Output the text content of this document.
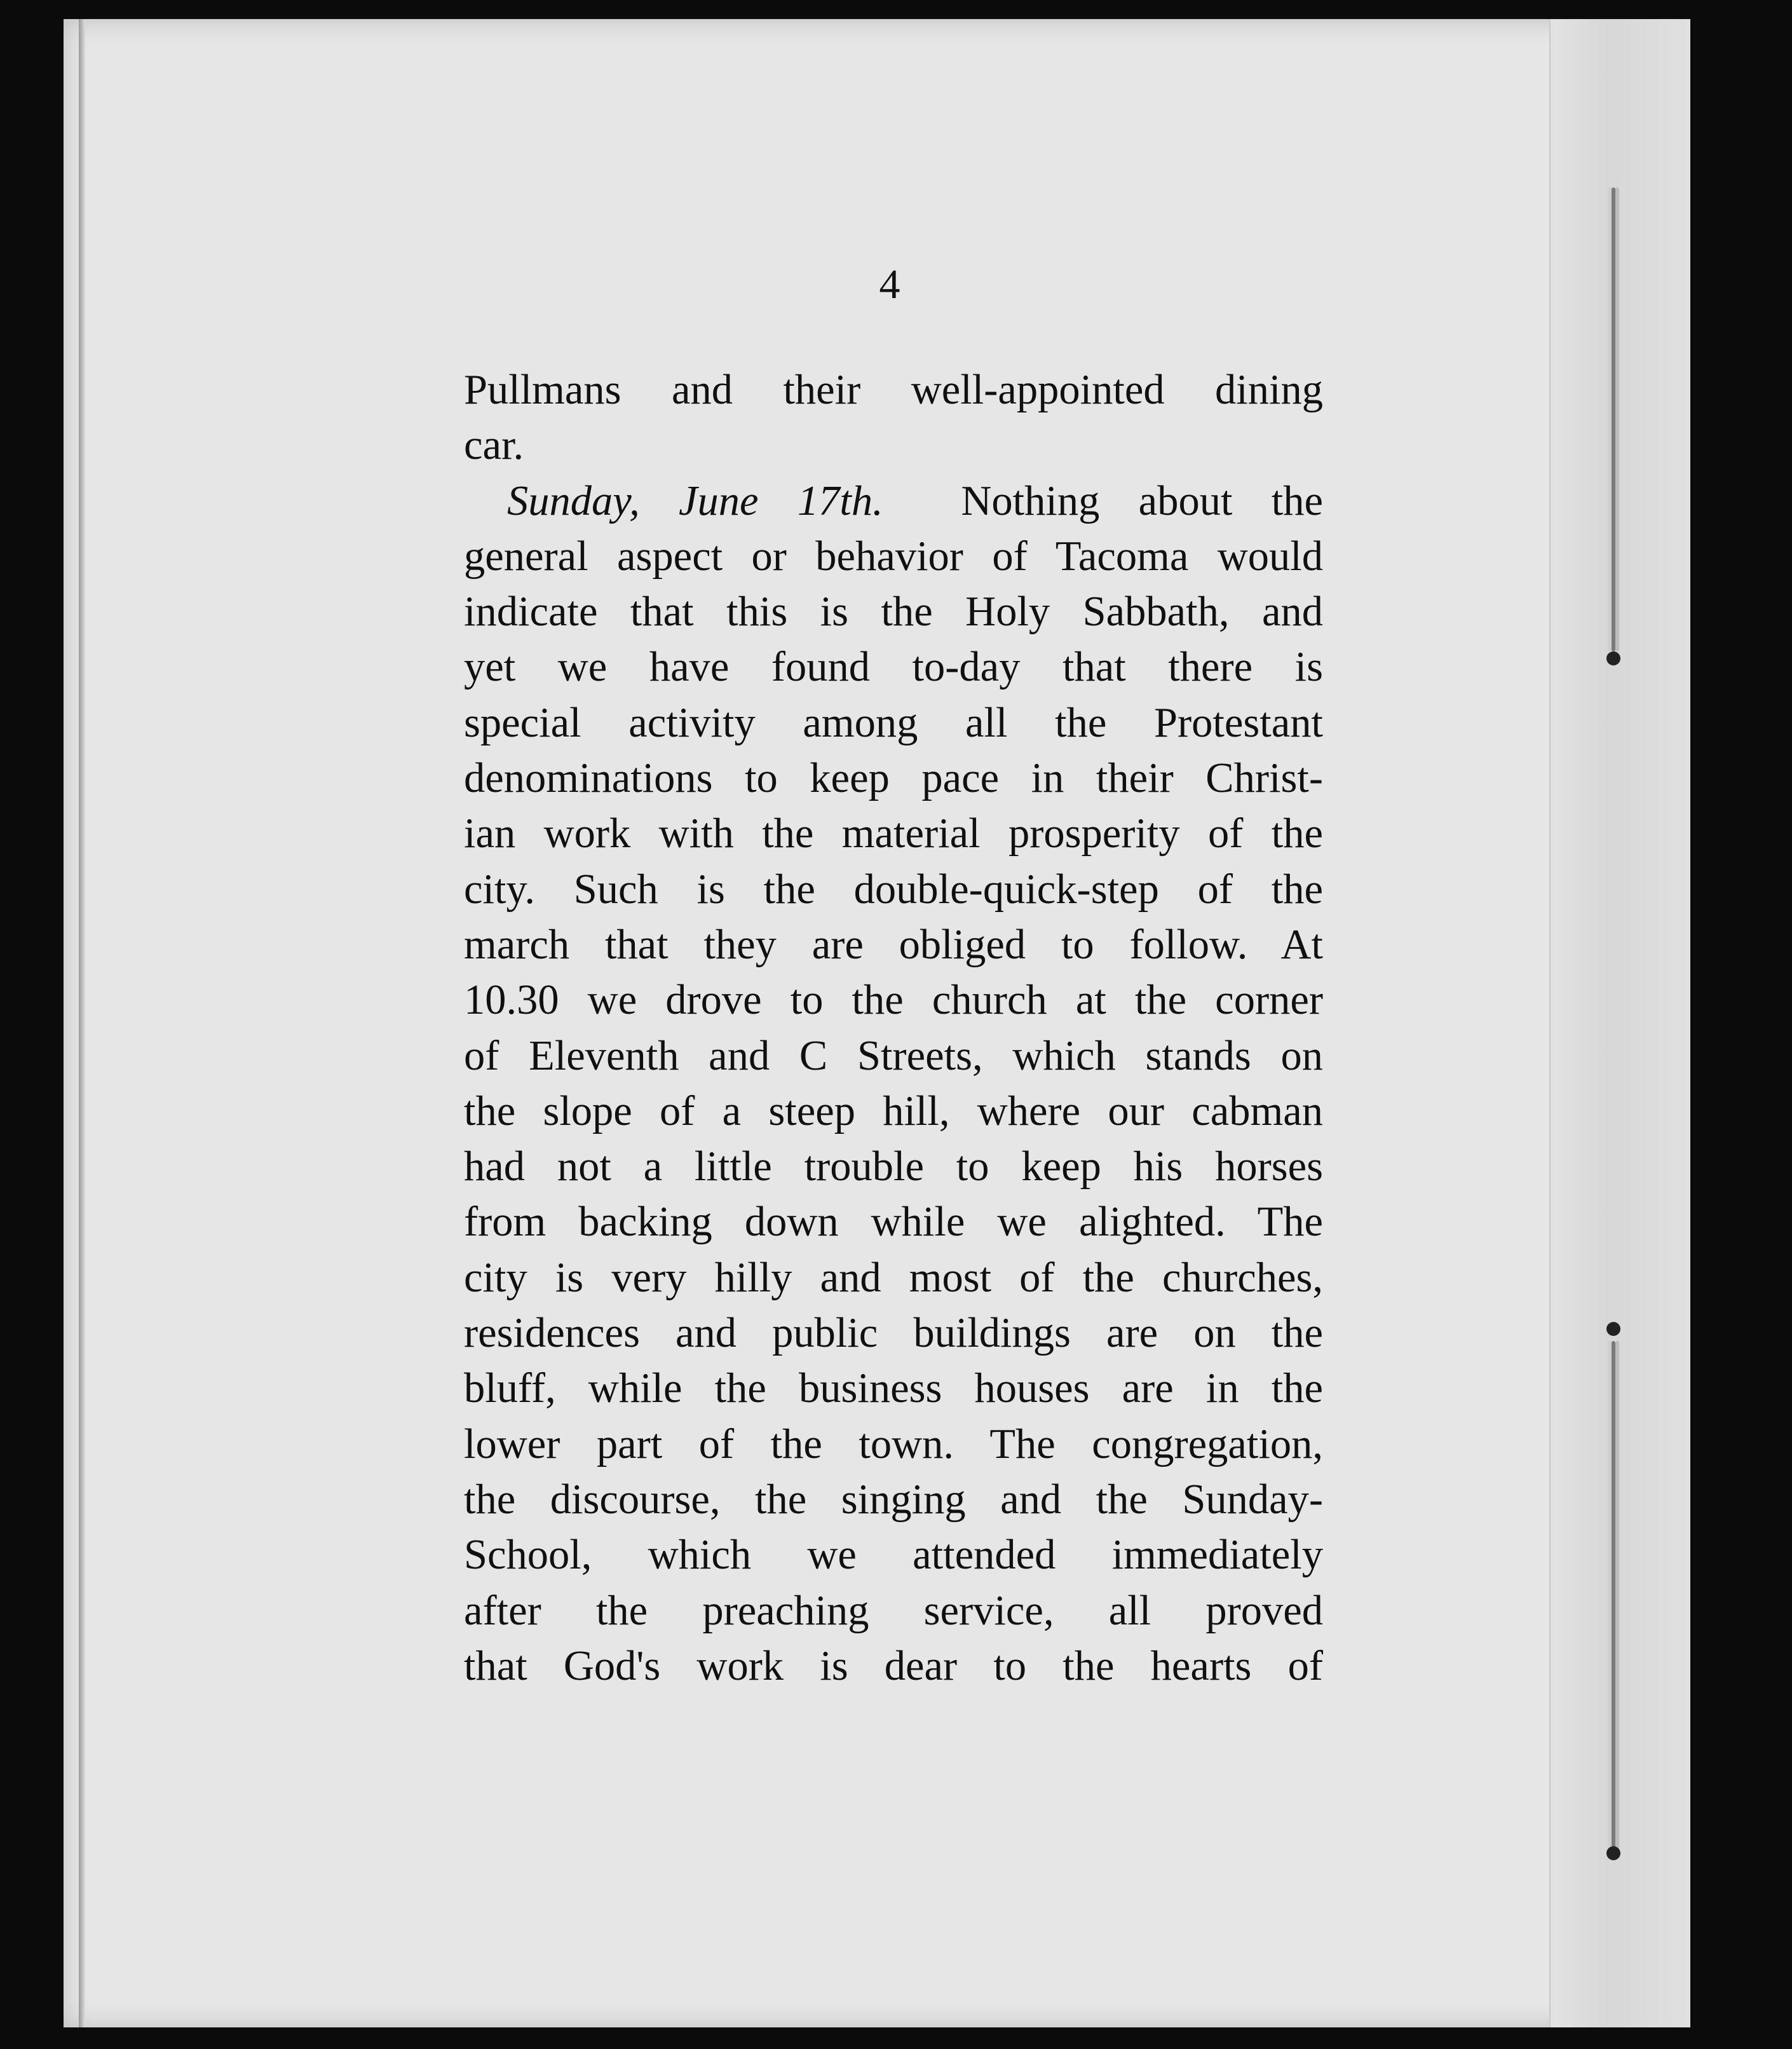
4
Pullmans and their well-appointed dining
car.
Sunday, June 17th.  Nothing about the
general aspect or behavior of Tacoma would
indicate that this is the Holy Sabbath, and
yet we have found to-day that there is
special activity among all the Protestant
denominations to keep pace in their Christ-
ian work with the material prosperity of the
city. Such is the double-quick-step of the
march that they are obliged to follow. At
10.30 we drove to the church at the corner
of Eleventh and C Streets, which stands on
the slope of a steep hill, where our cabman
had not a little trouble to keep his horses
from backing down while we alighted. The
city is very hilly and most of the churches,
residences and public buildings are on the
bluff, while the business houses are in the
lower part of the town. The congregation,
the discourse, the singing and the Sunday-
School, which we attended immediately
after the preaching service, all proved
that God's work is dear to the hearts of
